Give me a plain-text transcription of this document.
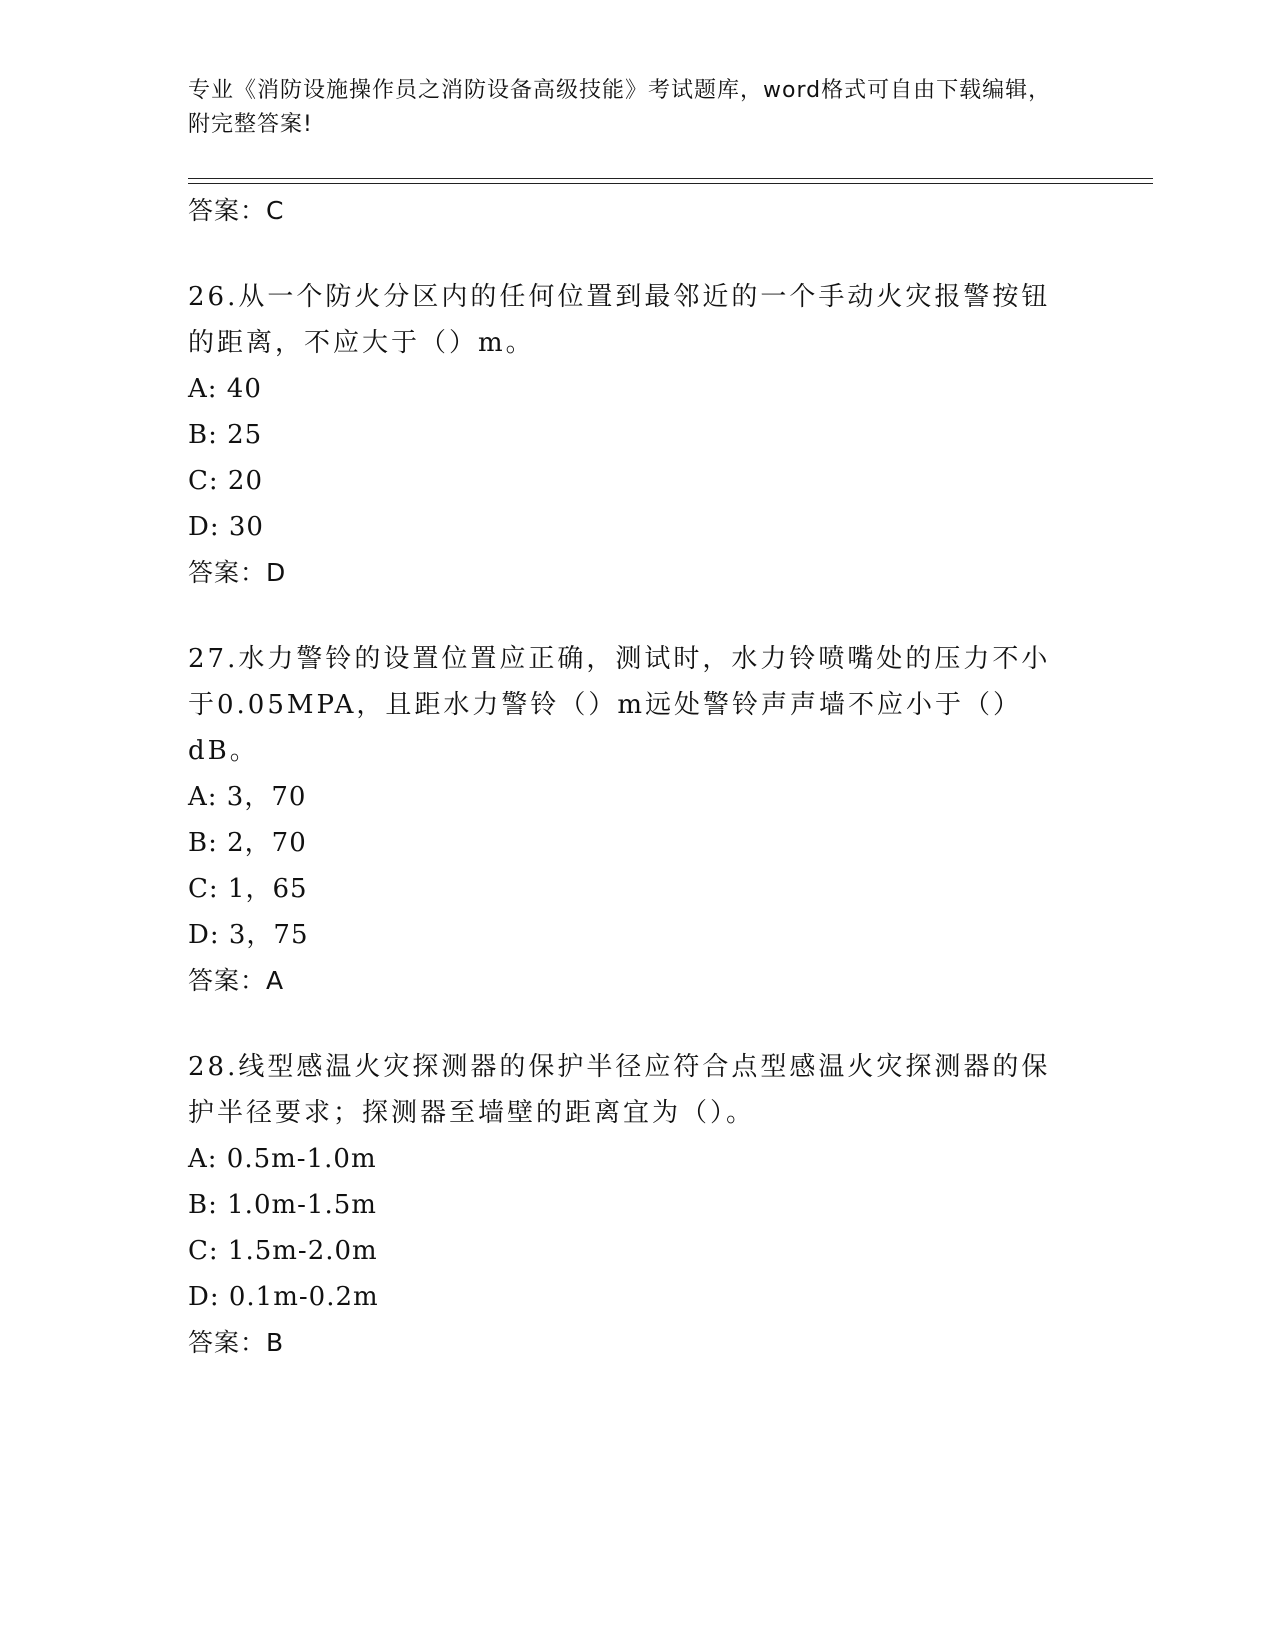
专业《消防设施操作员之消防设备高级技能》考试题库，word格式可自由下载编辑，附完整答案!
答案：C

26.从一个防火分区内的任何位置到最邻近的一个手动火灾报警按钮的距离，不应大于（）m。

A: 40
B: 25
C: 20
D: 30
答案：D

27.水力警铃的设置位置应正确，测试时，水力铃喷嘴处的压力不小于0.05MPA，且距水力警铃（）m远处警铃声声墙不应小于（）dB。

A: 3，70
B: 2，70
C: 1，65
D: 3，75
答案：A

28.线型感温火灾探测器的保护半径应符合点型感温火灾探测器的保护半径要求；探测器至墙壁的距离宜为（）。

A: 0.5m-1.0m
B: 1.0m-1.5m
C: 1.5m-2.0m
D: 0.1m-0.2m
答案：B
